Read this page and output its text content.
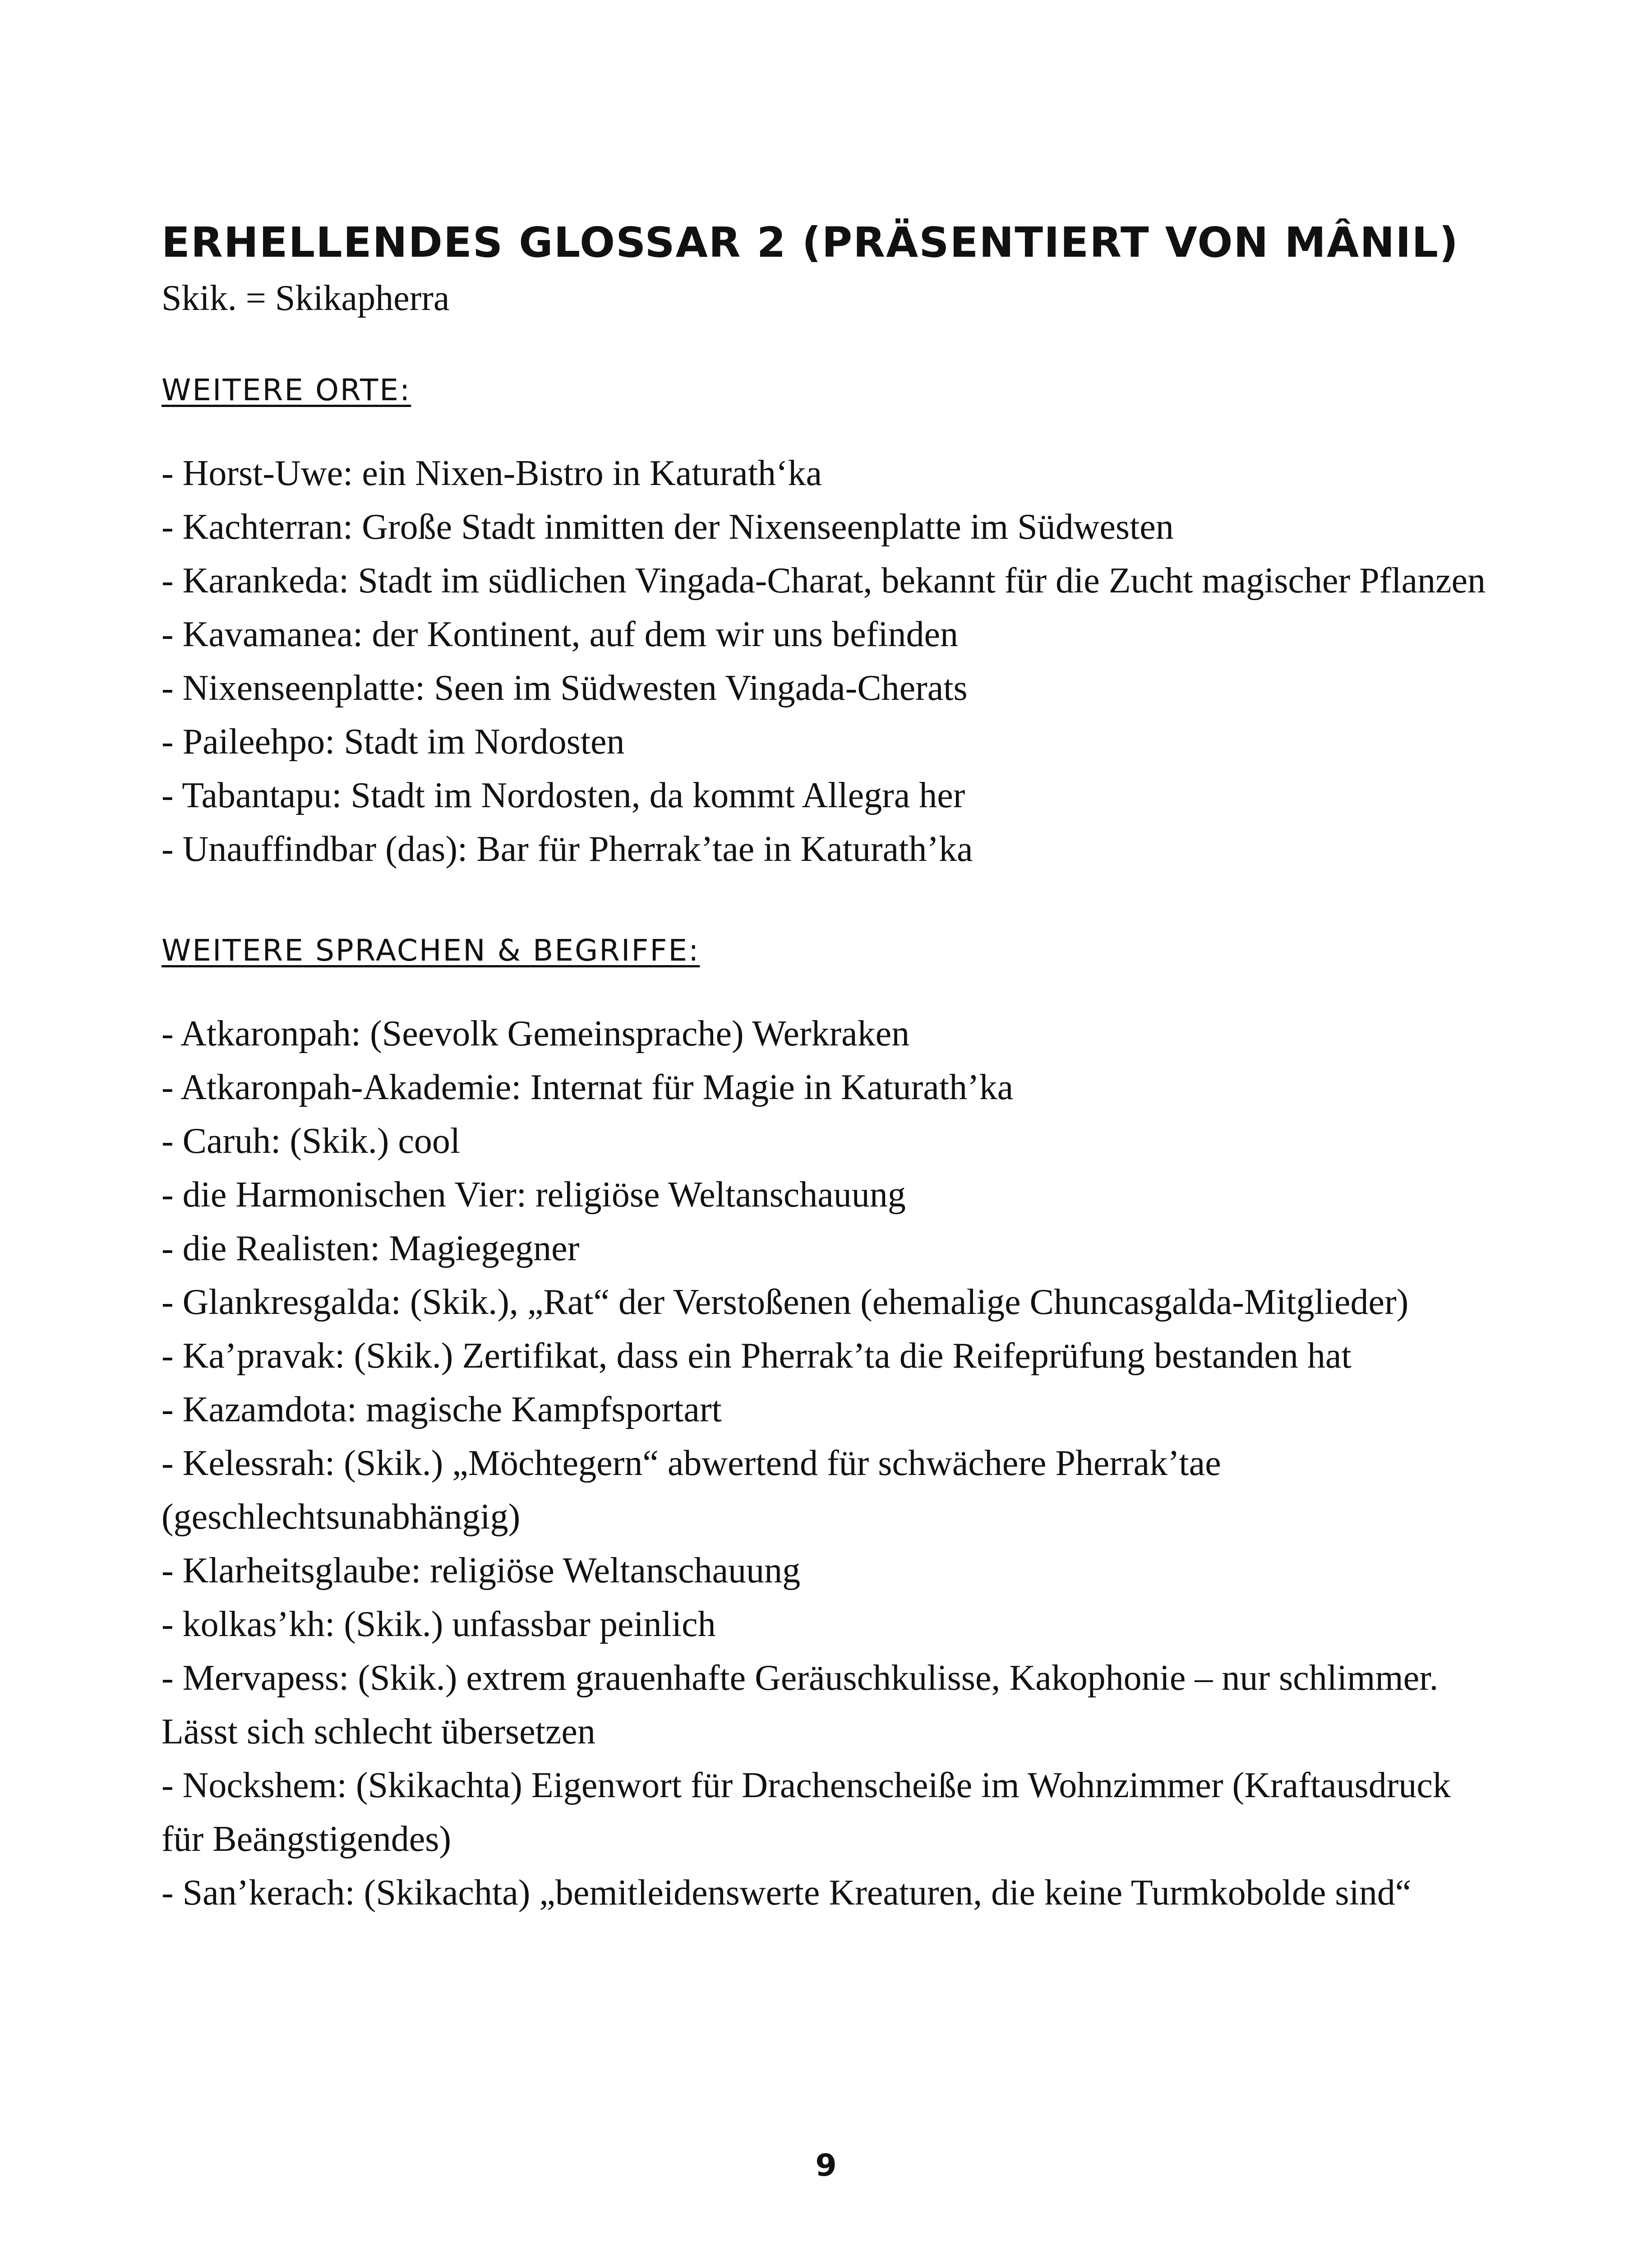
ERHELLENDES GLOSSAR 2 (PRÄSENTIERT VON MÂNIL)

Skik. = Skikapherra

WEITERE ORTE:
- Horst-Uwe: ein Nixen-Bistro in Katurath‘ka
- Kachterran: Große Stadt inmitten der Nixenseenplatte im Südwesten
- Karankeda: Stadt im südlichen Vingada-Charat, bekannt für die Zucht magischer Pflanzen
- Kavamanea: der Kontinent, auf dem wir uns befinden
- Nixenseenplatte: Seen im Südwesten Vingada-Cherats
- Paileehpo: Stadt im Nordosten
- Tabantapu: Stadt im Nordosten, da kommt Allegra her
- Unauffindbar (das): Bar für Pherrak’tae in Katurath’ka
WEITERE SPRACHEN & BEGRIFFE:
- Atkaronpah: (Seevolk Gemeinsprache) Werkraken
- Atkaronpah-Akademie: Internat für Magie in Katurath’ka
- Caruh: (Skik.) cool
- die Harmonischen Vier: religiöse Weltanschauung
- die Realisten: Magiegegner
- Glankresgalda: (Skik.), „Rat“ der Verstoßenen (ehemalige Chuncasgalda-Mitglieder)
- Ka’pravak: (Skik.) Zertifikat, dass ein Pherrak’ta die Reifeprüfung bestanden hat
- Kazamdota: magische Kampfsportart
- Kelessrah: (Skik.) „Möchtegern“ abwertend für schwächere Pherrak’tae (geschlechtsunabhängig)
- Klarheitsglaube: religiöse Weltanschauung
- kolkas’kh: (Skik.) unfassbar peinlich
- Mervapess: (Skik.) extrem grauenhafte Geräuschkulisse, Kakophonie – nur schlimmer. Lässt sich schlecht übersetzen
- Nockshem: (Skikachta) Eigenwort für Drachenscheiße im Wohnzimmer (Kraftausdruck für Beängstigendes)
- San’kerach: (Skikachta) „bemitleidenswerte Kreaturen, die keine Turmkobolde sind“
9
